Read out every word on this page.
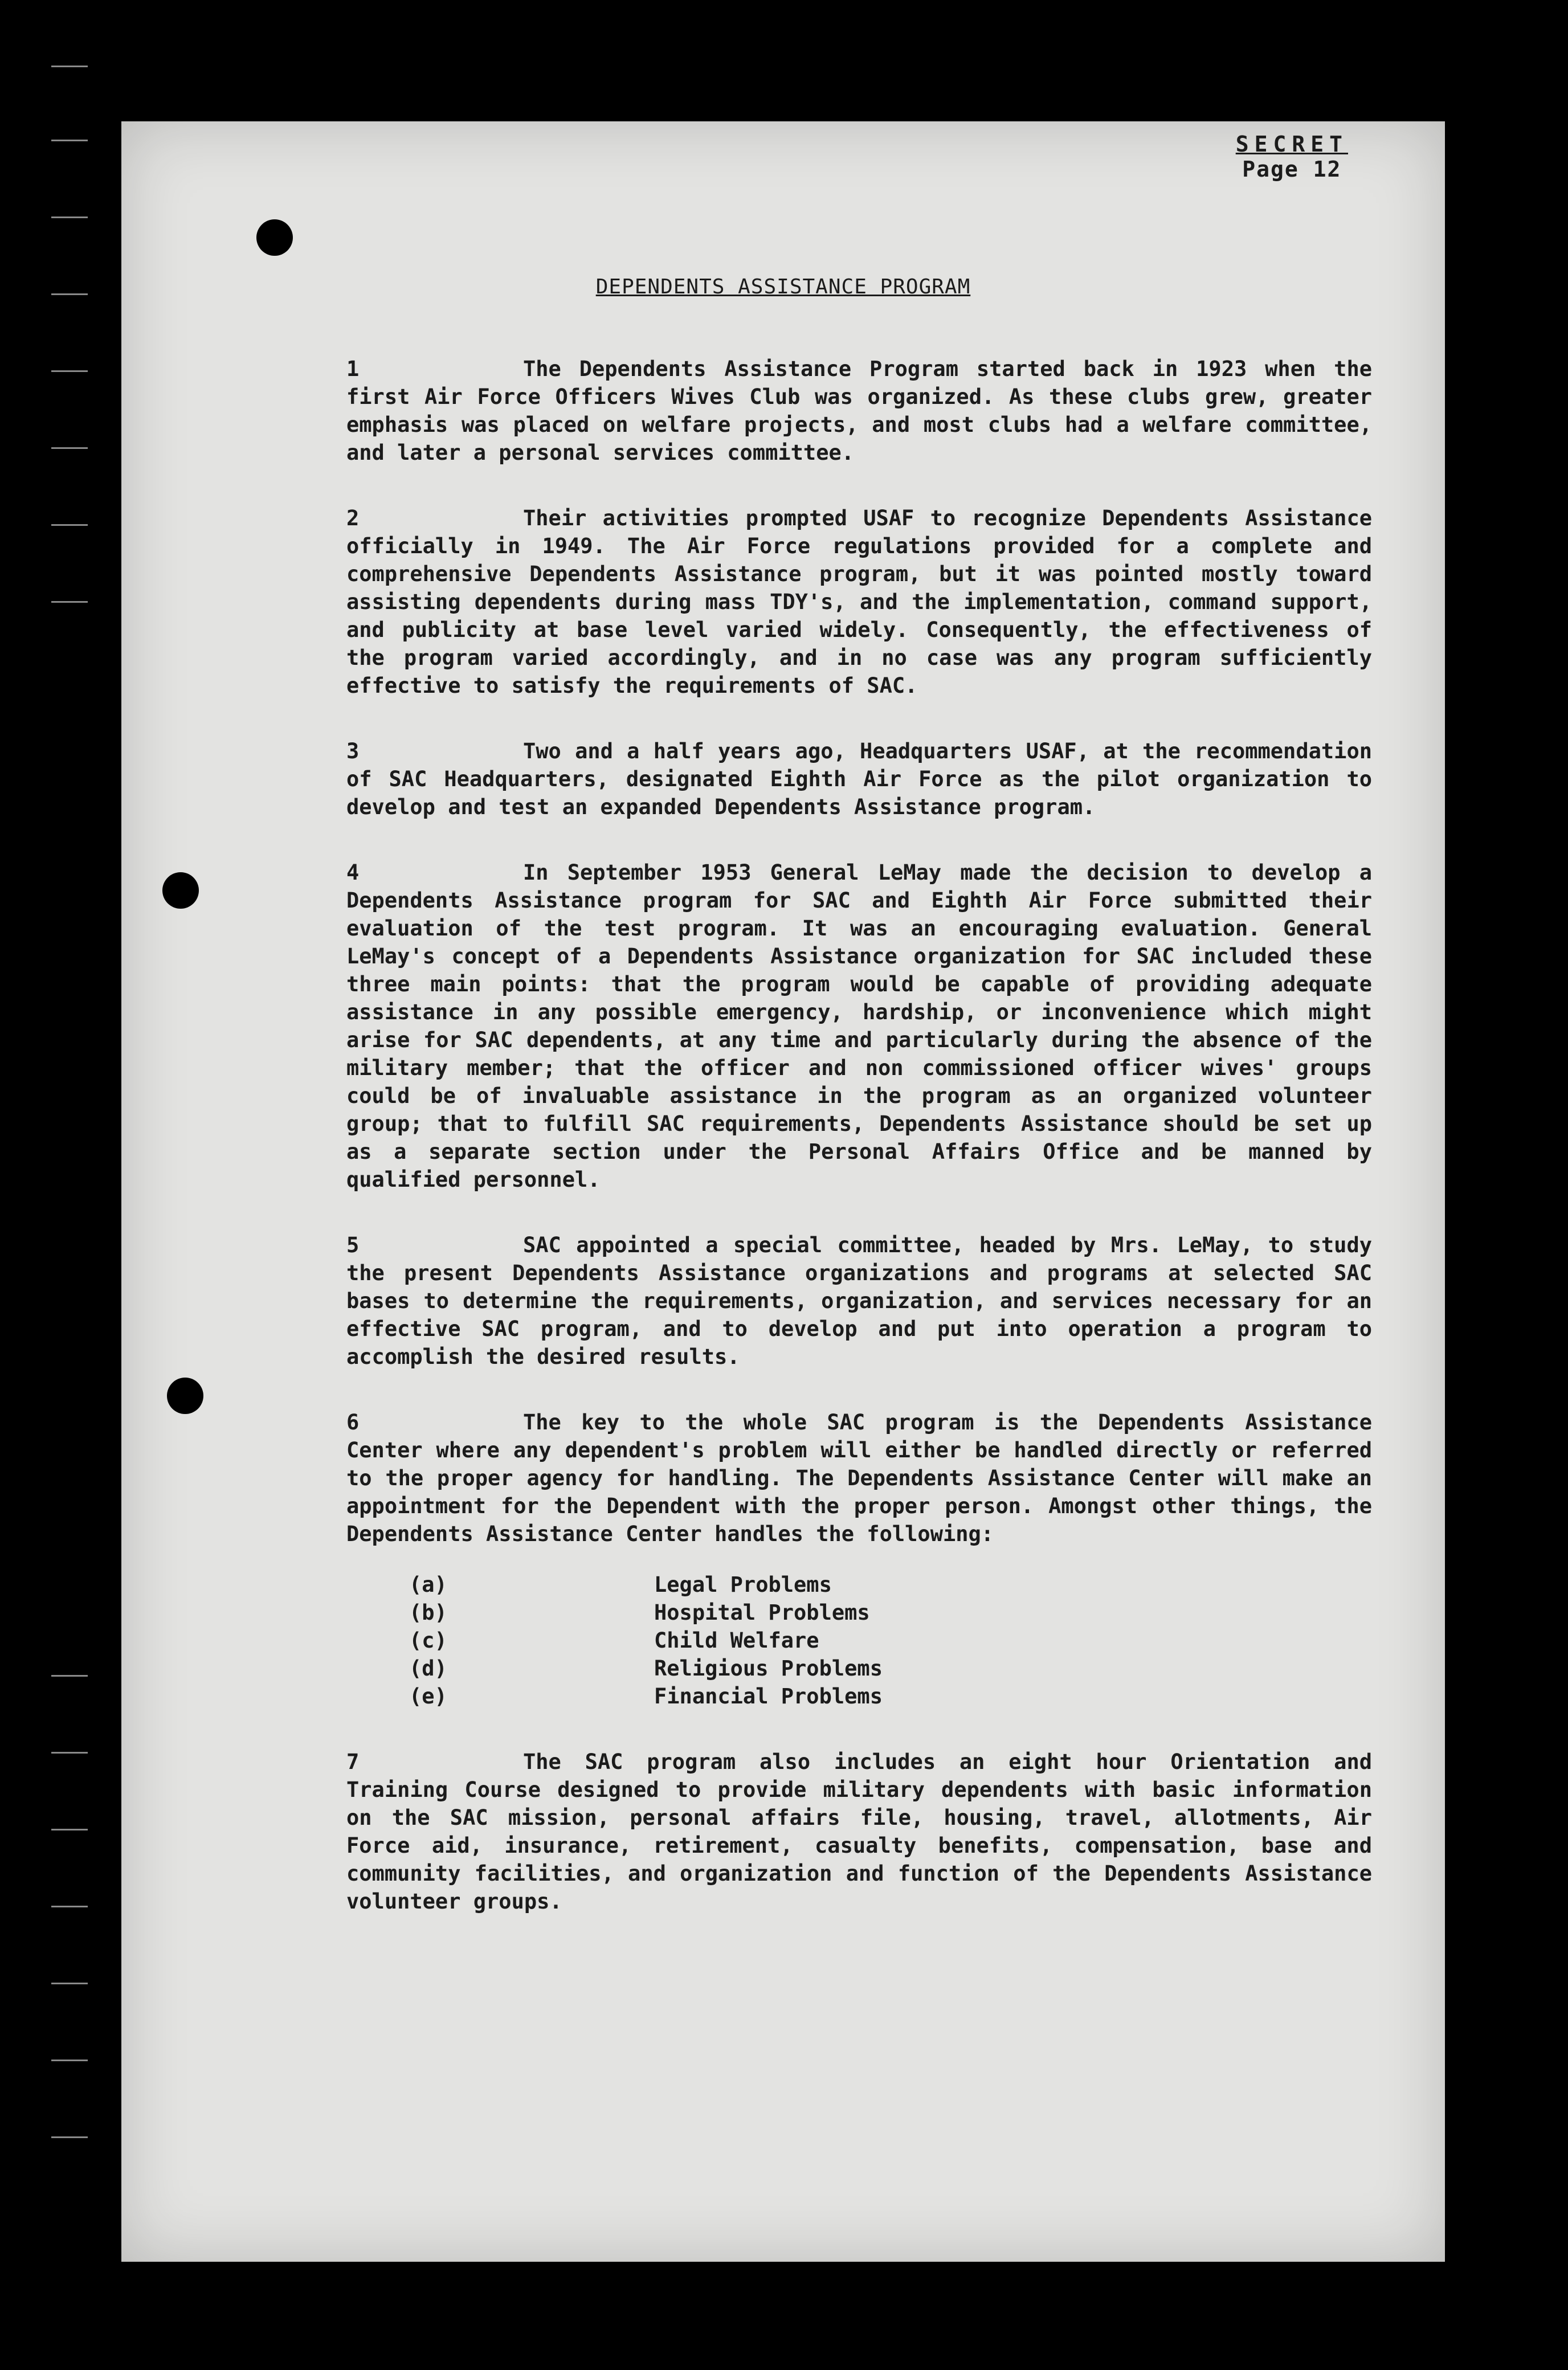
SECRET
Page 12
DEPENDENTS ASSISTANCE PROGRAM

1	The Dependents Assistance Program started back in 1923 when the first Air Force Officers Wives Club was organized. As these clubs grew, greater emphasis was placed on welfare projects, and most clubs had a welfare committee, and later a personal services committee.

2	Their activities prompted USAF to recognize Dependents Assistance officially in 1949. The Air Force regulations provided for a complete and comprehensive Dependents Assistance program, but it was pointed mostly toward assisting dependents during mass TDY's, and the implementation, command support, and publicity at base level varied widely. Consequently, the effectiveness of the program varied accordingly, and in no case was any program sufficiently effective to satisfy the requirements of SAC.

3	Two and a half years ago, Headquarters USAF, at the recommendation of SAC Headquarters, designated Eighth Air Force as the pilot organization to develop and test an expanded Dependents Assistance program.

4	In September 1953 General LeMay made the decision to develop a Dependents Assistance program for SAC and Eighth Air Force submitted their evaluation of the test program. It was an encouraging evaluation. General LeMay's concept of a Dependents Assistance organization for SAC included these three main points: that the program would be capable of providing adequate assistance in any possible emergency, hardship, or inconvenience which might arise for SAC dependents, at any time and particularly during the absence of the military member; that the officer and non commissioned officer wives' groups could be of invaluable assistance in the program as an organized volunteer group; that to fulfill SAC requirements, Dependents Assistance should be set up as a separate section under the Personal Affairs Office and be manned by qualified personnel.

5	SAC appointed a special committee, headed by Mrs. LeMay, to study the present Dependents Assistance organizations and programs at selected SAC bases to determine the requirements, organization, and services necessary for an effective SAC program, and to develop and put into operation a program to accomplish the desired results.

6	The key to the whole SAC program is the Dependents Assistance Center where any dependent's problem will either be handled directly or referred to the proper agency for handling. The Dependents Assistance Center will make an appointment for the Dependent with the proper person. Amongst other things, the Dependents Assistance Center handles the following:

(a)	Legal Problems
(b)	Hospital Problems
(c)	Child Welfare
(d)	Religious Problems
(e)	Financial Problems

7	The SAC program also includes an eight hour Orientation and Training Course designed to provide military dependents with basic information on the SAC mission, personal affairs file, housing, travel, allotments, Air Force aid, insurance, retirement, casualty benefits, compensation, base and community facilities, and organization and function of the Dependents Assistance volunteer groups.
